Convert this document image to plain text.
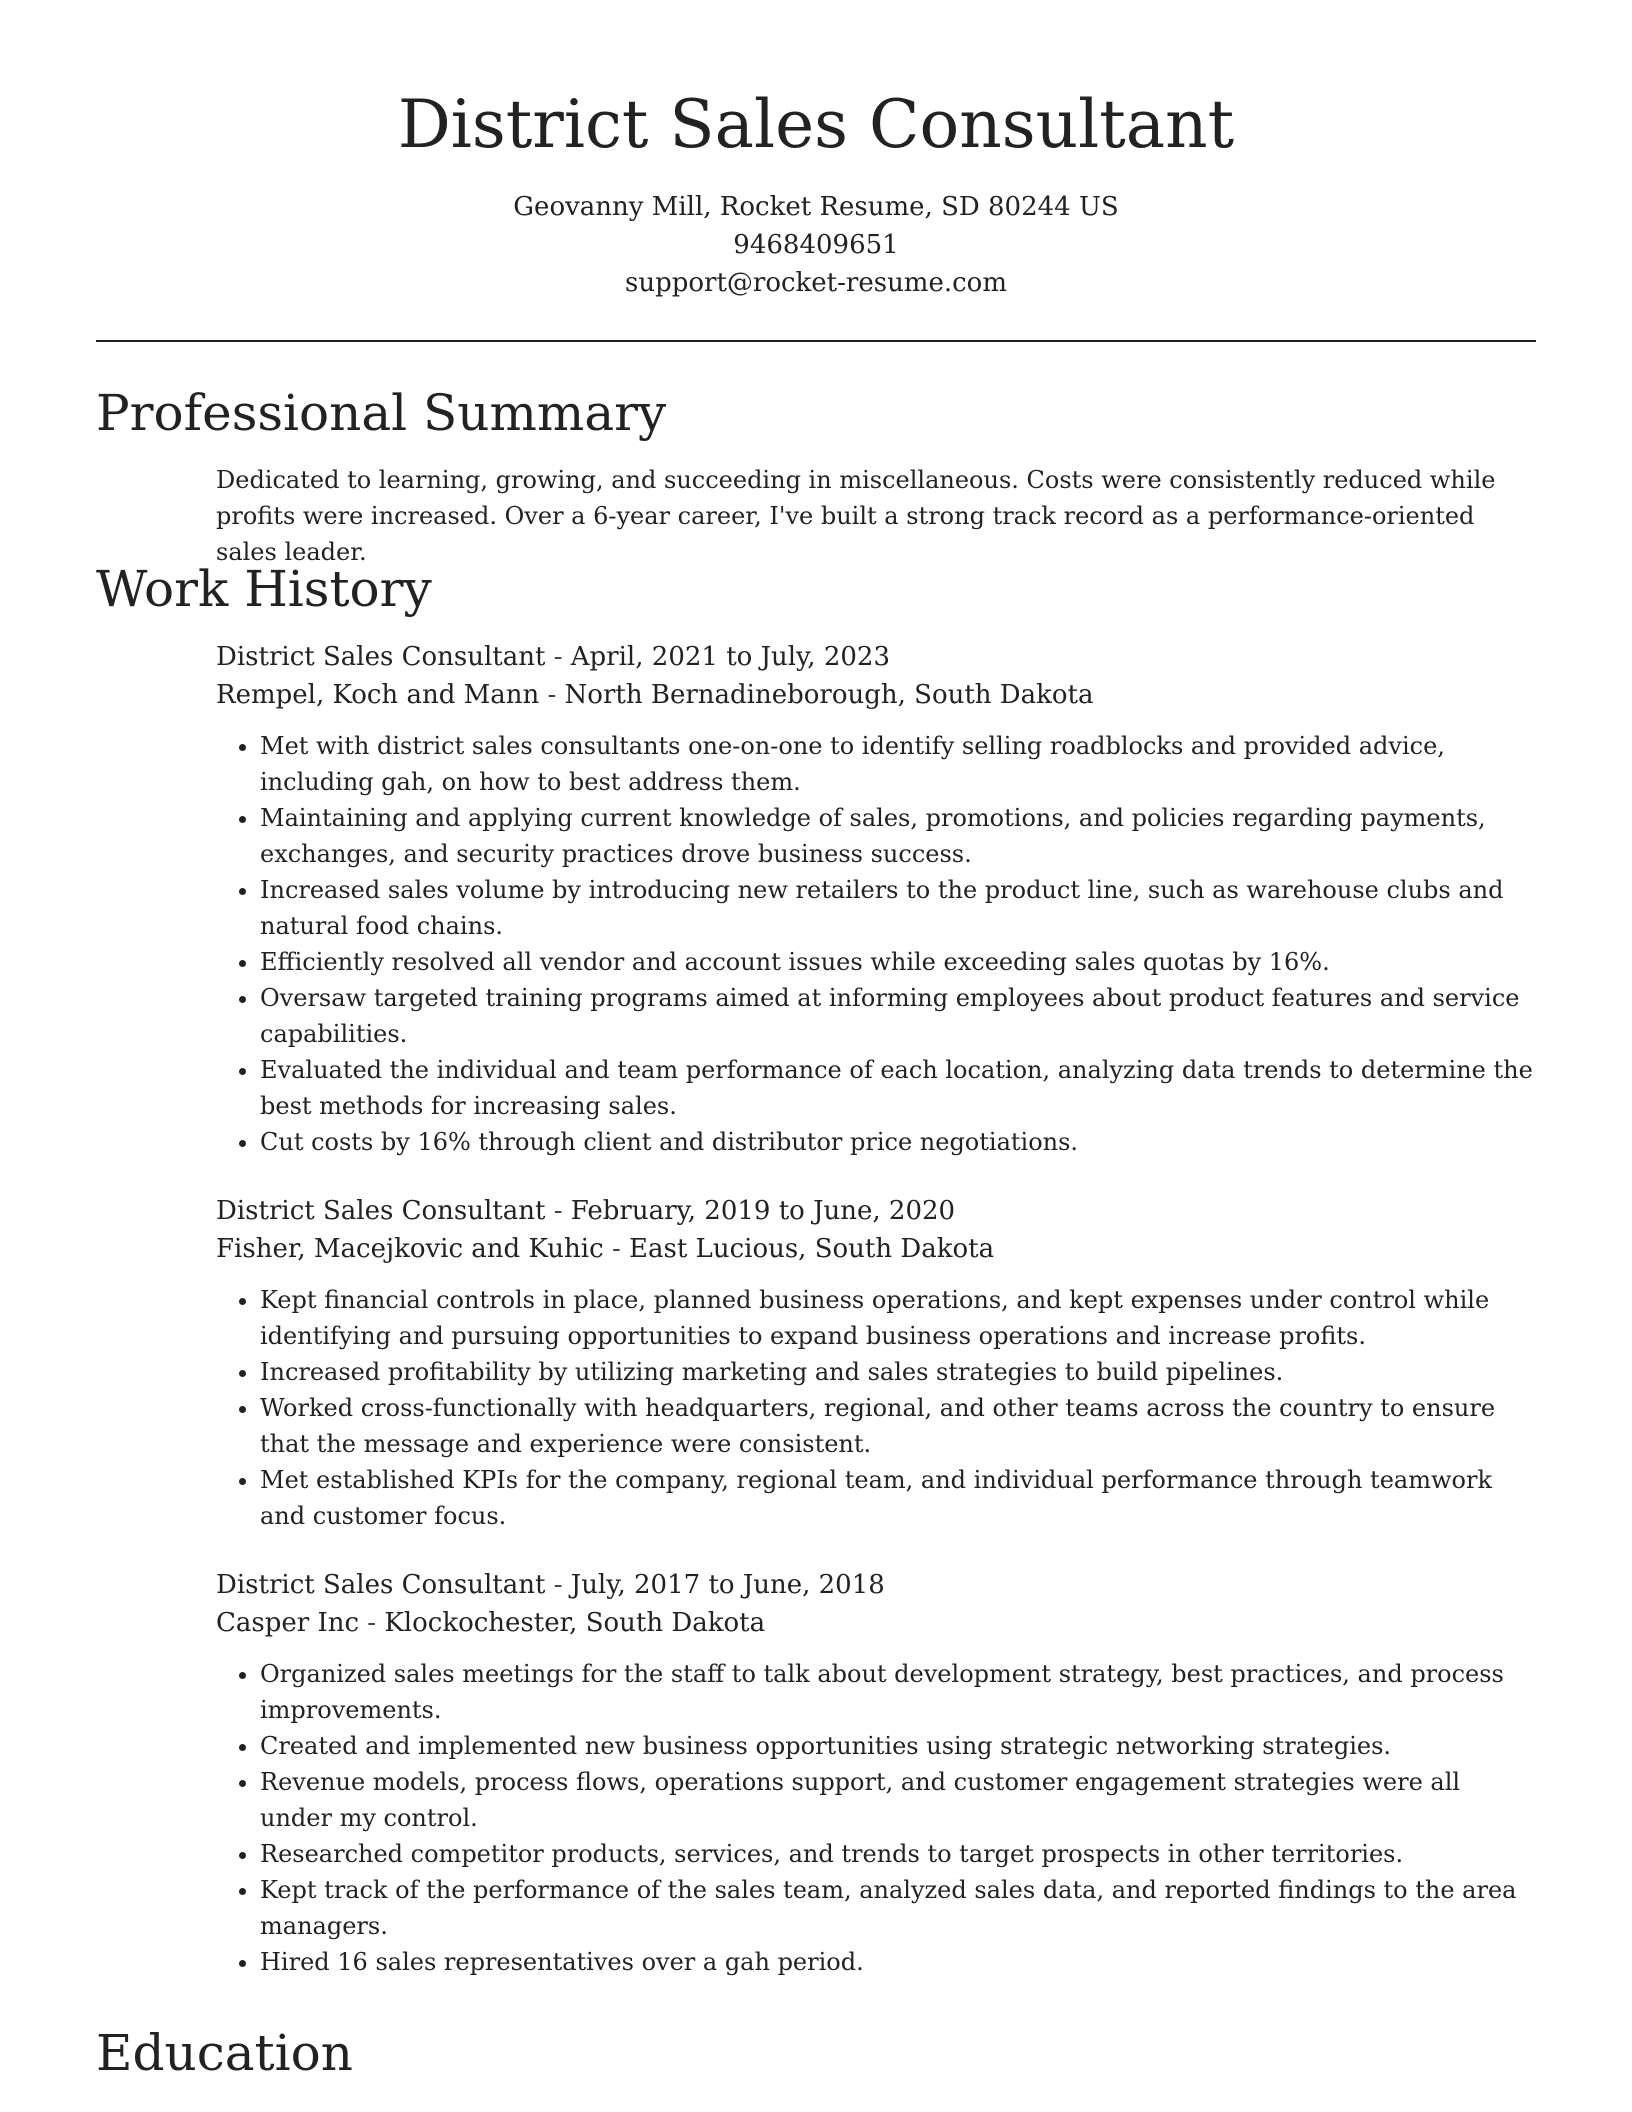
District Sales Consultant
Geovanny Mill, Rocket Resume, SD 80244 US
9468409651
support@rocket-resume.com
Professional Summary
Dedicated to learning, growing, and succeeding in miscellaneous. Costs were consistently reduced while profits were increased. Over a 6-year career, I've built a strong track record as a performance-oriented sales leader.
Work History
District Sales Consultant - April, 2021 to July, 2023
Rempel, Koch and Mann - North Bernadineborough, South Dakota
• Met with district sales consultants one-on-one to identify selling roadblocks and provided advice, including gah, on how to best address them.
• Maintaining and applying current knowledge of sales, promotions, and policies regarding payments, exchanges, and security practices drove business success.
• Increased sales volume by introducing new retailers to the product line, such as warehouse clubs and natural food chains.
• Efficiently resolved all vendor and account issues while exceeding sales quotas by 16%.
• Oversaw targeted training programs aimed at informing employees about product features and service capabilities.
• Evaluated the individual and team performance of each location, analyzing data trends to determine the best methods for increasing sales.
• Cut costs by 16% through client and distributor price negotiations.
District Sales Consultant - February, 2019 to June, 2020
Fisher, Macejkovic and Kuhic - East Lucious, South Dakota
• Kept financial controls in place, planned business operations, and kept expenses under control while identifying and pursuing opportunities to expand business operations and increase profits.
• Increased profitability by utilizing marketing and sales strategies to build pipelines.
• Worked cross-functionally with headquarters, regional, and other teams across the country to ensure that the message and experience were consistent.
• Met established KPIs for the company, regional team, and individual performance through teamwork and customer focus.
District Sales Consultant - July, 2017 to June, 2018
Casper Inc - Klockochester, South Dakota
• Organized sales meetings for the staff to talk about development strategy, best practices, and process improvements.
• Created and implemented new business opportunities using strategic networking strategies.
• Revenue models, process flows, operations support, and customer engagement strategies were all under my control.
• Researched competitor products, services, and trends to target prospects in other territories.
• Kept track of the performance of the sales team, analyzed sales data, and reported findings to the area managers.
• Hired 16 sales representatives over a gah period.
Education
